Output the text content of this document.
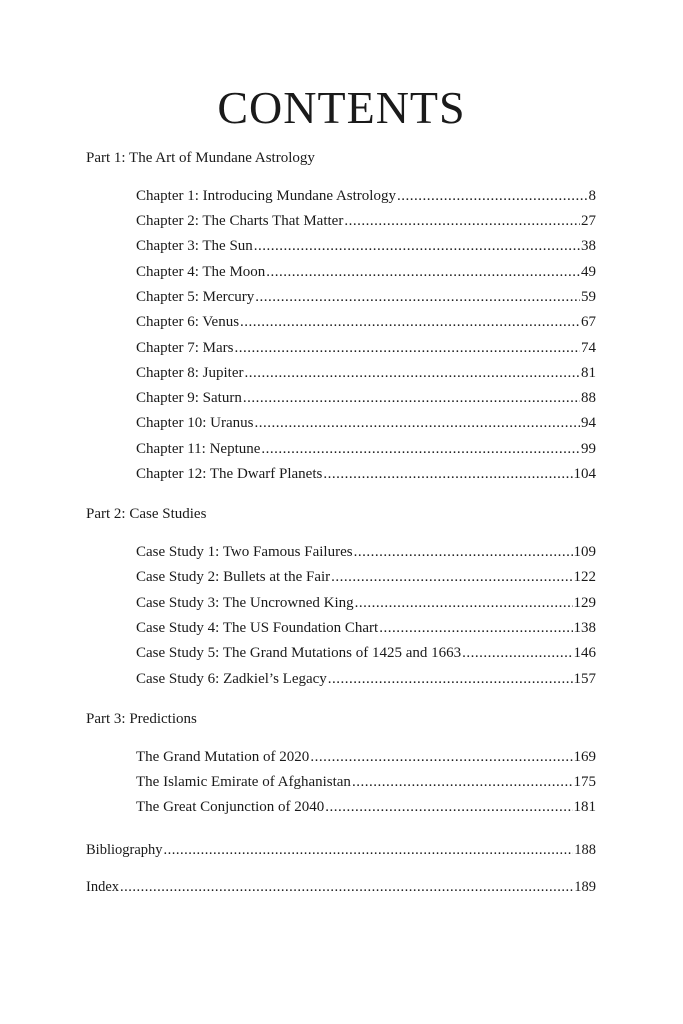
CONTENTS
Part 1: The Art of Mundane Astrology
Chapter 1: Introducing Mundane Astrology .....	8
Chapter 2: The Charts That Matter .....	27
Chapter 3: The Sun .....	38
Chapter 4: The Moon .....	49
Chapter 5: Mercury .....	59
Chapter 6: Venus .....	67
Chapter 7: Mars .....	74
Chapter 8: Jupiter .....	81
Chapter 9: Saturn .....	88
Chapter 10: Uranus .....	94
Chapter 11: Neptune .....	99
Chapter 12: The Dwarf Planets .....	104
Part 2: Case Studies
Case Study 1: Two Famous Failures .....	109
Case Study 2: Bullets at the Fair .....	122
Case Study 3: The Uncrowned King .....	129
Case Study 4: The US Foundation Chart .....	138
Case Study 5: The Grand Mutations of 1425 and 1663 .....	146
Case Study 6: Zadkiel’s Legacy .....	157
Part 3: Predictions
The Grand Mutation of 2020 .....	169
The Islamic Emirate of Afghanistan .....	175
The Great Conjunction of 2040 .....	181
Bibliography .....	188
Index .....	189
